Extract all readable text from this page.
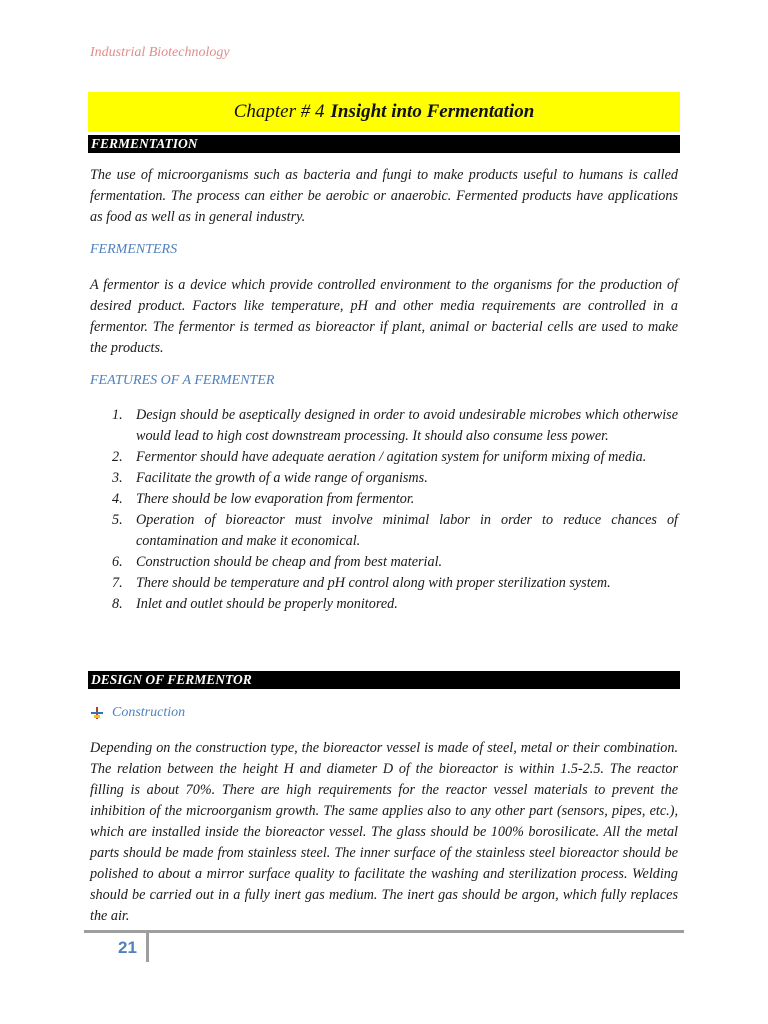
Industrial Biotechnology
Chapter # 4 Insight into Fermentation
FERMENTATION

The use of microorganisms such as bacteria and fungi to make products useful to humans is called fermentation. The process can either be aerobic or anaerobic. Fermented products have applications as food as well as in general industry.

FERMENTERS

A fermentor is a device which provide controlled environment to the organisms for the production of desired product. Factors like temperature, pH and other media requirements are controlled in a fermentor. The fermentor is termed as bioreactor if plant, animal or bacterial cells are used to make the products.

FEATURES OF A FERMENTER
1. Design should be aseptically designed in order to avoid undesirable microbes which otherwise would lead to high cost downstream processing. It should also consume less power.
2. Fermentor should have adequate aeration / agitation system for uniform mixing of media.
3. Facilitate the growth of a wide range of organisms.
4. There should be low evaporation from fermentor.
5. Operation of bioreactor must involve minimal labor in order to reduce chances of contamination and make it economical.
6. Construction should be cheap and from best material.
7. There should be temperature and pH control along with proper sterilization system.
8. Inlet and outlet should be properly monitored.
DESIGN OF FERMENTOR
Construction

Depending on the construction type, the bioreactor vessel is made of steel, metal or their combination. The relation between the height H and diameter D of the bioreactor is within 1.5-2.5. The reactor filling is about 70%. There are high requirements for the reactor vessel materials to prevent the inhibition of the microorganism growth. The same applies also to any other part (sensors, pipes, etc.), which are installed inside the bioreactor vessel. The glass should be 100% borosilicate. All the metal parts should be made from stainless steel. The inner surface of the stainless steel bioreactor should be polished to about a mirror surface quality to facilitate the washing and sterilization process. Welding should be carried out in a fully inert gas medium. The inert gas should be argon, which fully replaces the air.

21
